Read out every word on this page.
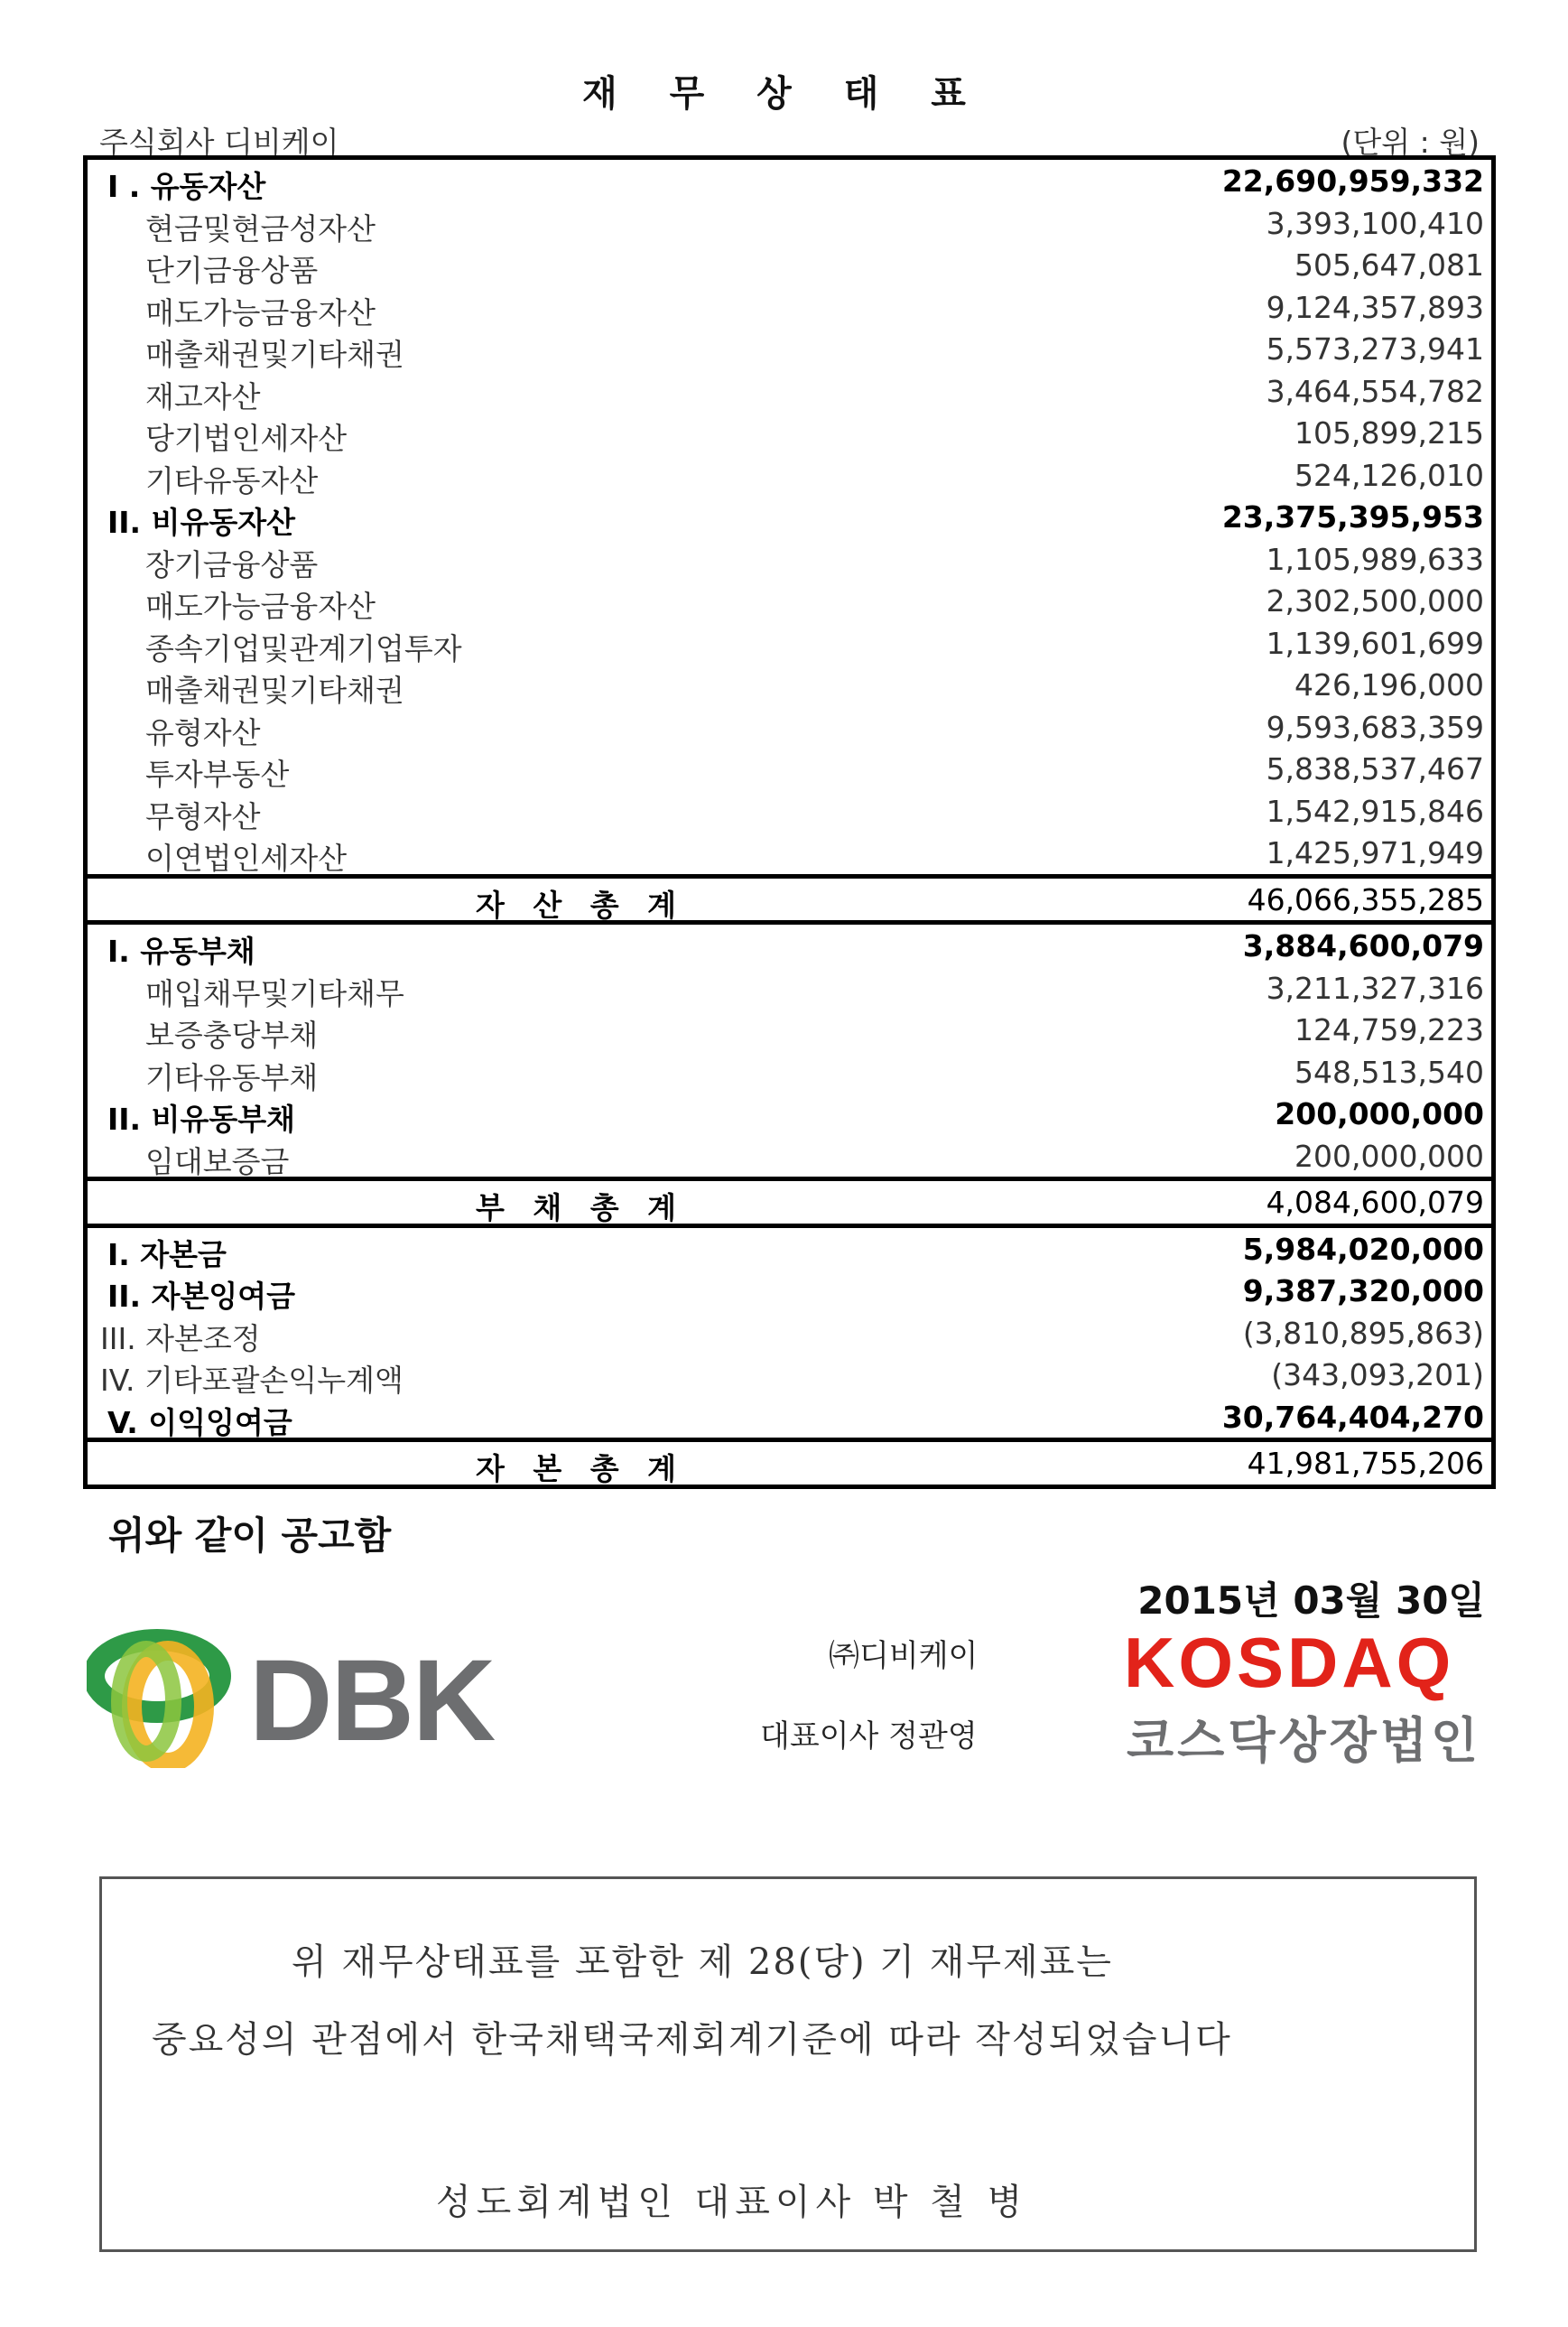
재 무 상 태 표
주식회사 디비케이	(단위 : 원)
I . 유동자산	22,690,959,332
현금및현금성자산	3,393,100,410
단기금융상품	505,647,081
매도가능금융자산	9,124,357,893
매출채권및기타채권	5,573,273,941
재고자산	3,464,554,782
당기법인세자산	105,899,215
기타유동자산	524,126,010
II. 비유동자산	23,375,395,953
장기금융상품	1,105,989,633
매도가능금융자산	2,302,500,000
종속기업및관계기업투자	1,139,601,699
매출채권및기타채권	426,196,000
유형자산	9,593,683,359
투자부동산	5,838,537,467
무형자산	1,542,915,846
이연법인세자산	1,425,971,949
자 산 총 계	46,066,355,285
I. 유동부채	3,884,600,079
매입채무및기타채무	3,211,327,316
보증충당부채	124,759,223
기타유동부채	548,513,540
II. 비유동부채	200,000,000
임대보증금	200,000,000
부 채 총 계	4,084,600,079
I. 자본금	5,984,020,000
II. 자본잉여금	9,387,320,000
III. 자본조정	(3,810,895,863)
IV. 기타포괄손익누계액	(343,093,201)
V. 이익잉여금	30,764,404,270
자 본 총 계	41,981,755,206
위와 같이 공고함
2015년 03월 30일
DBK	㈜디비케이
대표이사 정관영
KOSDAQ
코스닥상장법인

위 재무상태표를 포함한 제 28(당) 기 재무제표는

중요성의 관점에서 한국채택국제회계기준에 따라 작성되었습니다

성도회계법인 대표이사 박 철 병
